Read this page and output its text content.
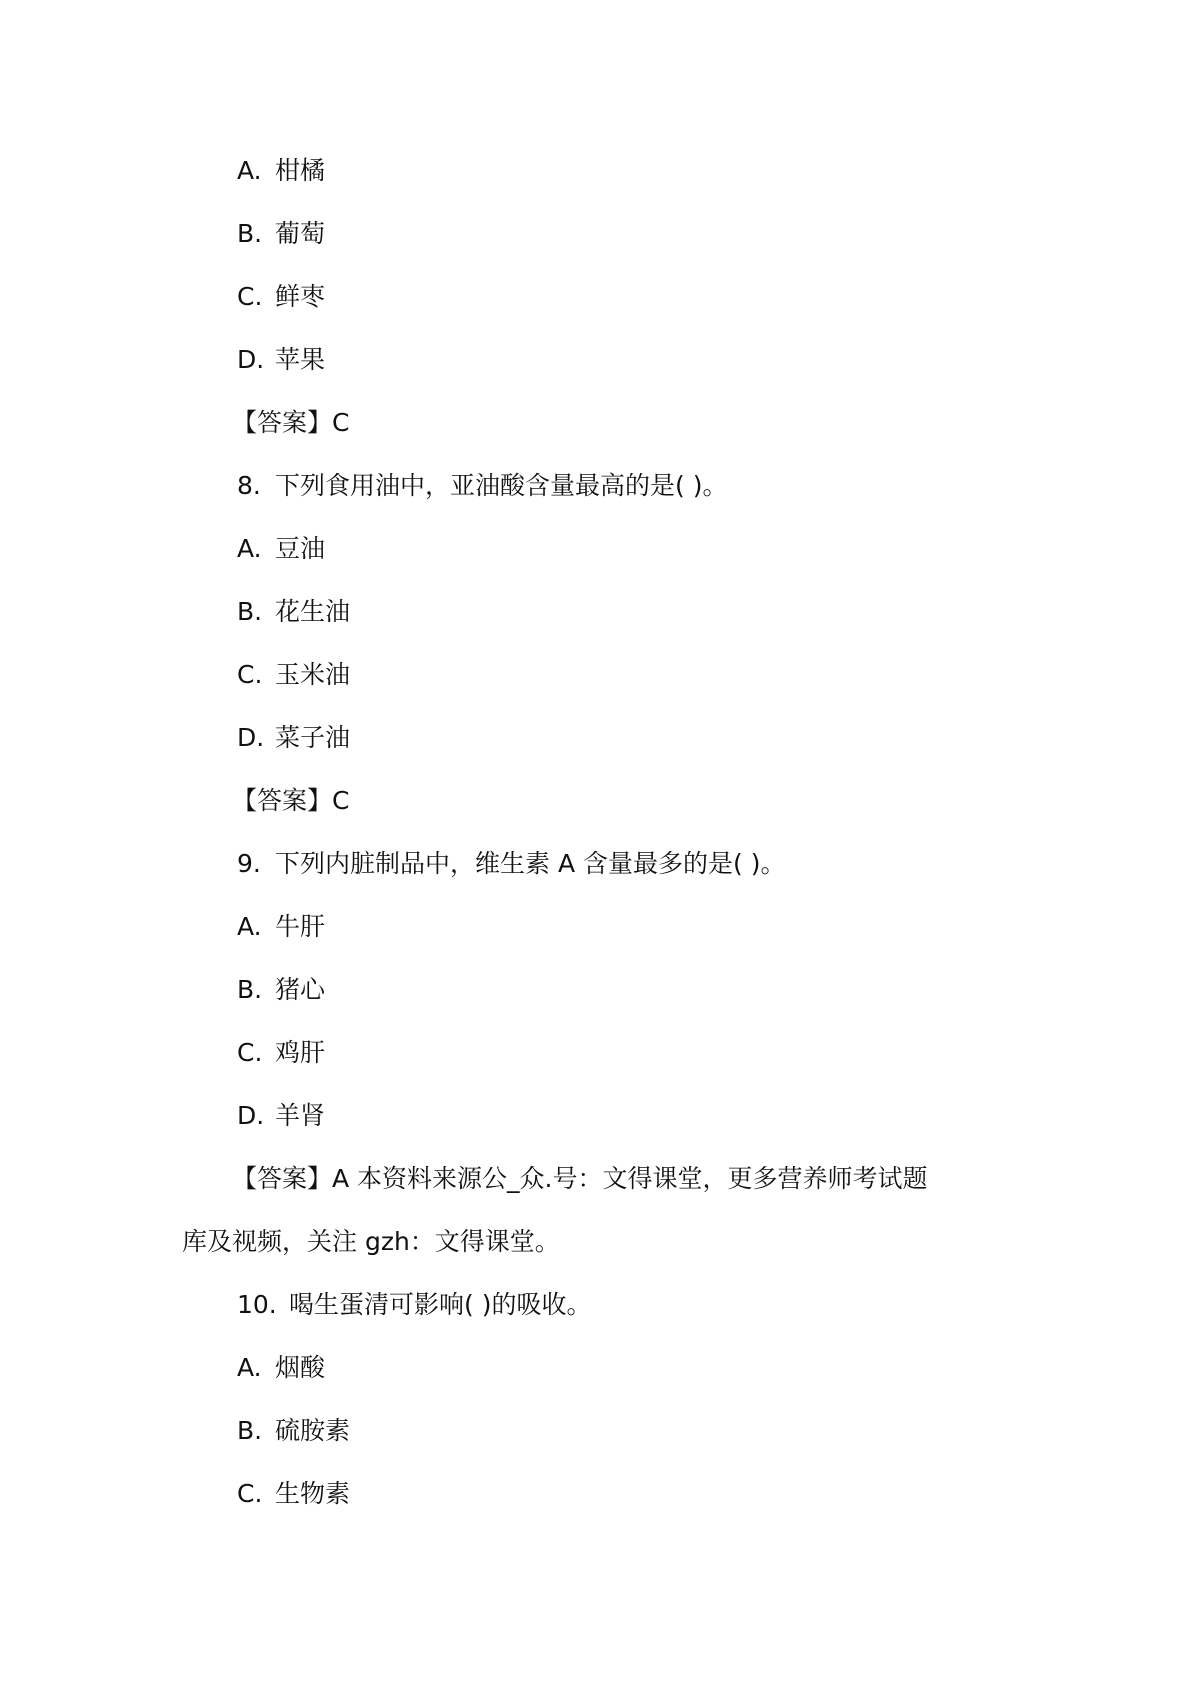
A. 柑橘
B. 葡萄
C. 鲜枣
D. 苹果
【答案】C
8. 下列食用油中，亚油酸含量最高的是( )。
A. 豆油
B. 花生油
C. 玉米油
D. 菜子油
【答案】C
9. 下列内脏制品中，维生素 A 含量最多的是( )。
A. 牛肝
B. 猪心
C. 鸡肝
D. 羊肾
【答案】A 本资料来源公_众.号：文得课堂，更多营养师考试题
库及视频，关注 gzh：文得课堂。
10. 喝生蛋清可影响( )的吸收。
A. 烟酸
B. 硫胺素
C. 生物素
